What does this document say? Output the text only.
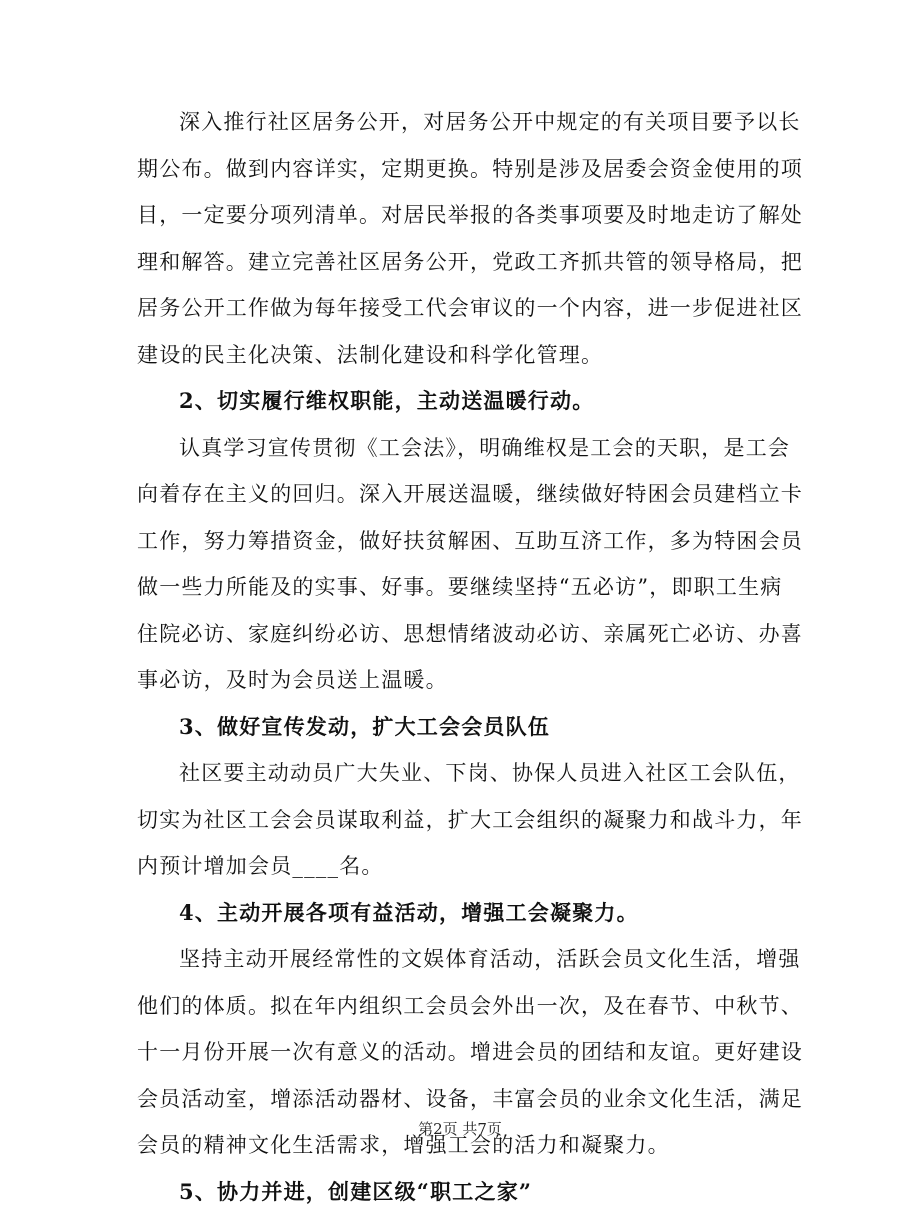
深入推行社区居务公开，对居务公开中规定的有关项目要予以长
期公布。做到内容详实，定期更换。特别是涉及居委会资金使用的项
目，一定要分项列清单。对居民举报的各类事项要及时地走访了解处
理和解答。建立完善社区居务公开，党政工齐抓共管的领导格局，把
居务公开工作做为每年接受工代会审议的一个内容，进一步促进社区
建设的民主化决策、法制化建设和科学化管理。
2、切实履行维权职能，主动送温暖行动。
认真学习宣传贯彻《工会法》，明确维权是工会的天职，是工会
向着存在主义的回归。深入开展送温暖，继续做好特困会员建档立卡
工作，努力筹措资金，做好扶贫解困、互助互济工作，多为特困会员
做一些力所能及的实事、好事。要继续坚持“五必访”，即职工生病
住院必访、家庭纠纷必访、思想情绪波动必访、亲属死亡必访、办喜
事必访，及时为会员送上温暖。
3、做好宣传发动，扩大工会会员队伍
社区要主动动员广大失业、下岗、协保人员进入社区工会队伍，
切实为社区工会会员谋取利益，扩大工会组织的凝聚力和战斗力，年
内预计增加会员____名。
4、主动开展各项有益活动，增强工会凝聚力。
坚持主动开展经常性的文娱体育活动，活跃会员文化生活，增强
他们的体质。拟在年内组织工会员会外出一次，及在春节、中秋节、
十一月份开展一次有意义的活动。增进会员的团结和友谊。更好建设
会员活动室，增添活动器材、设备，丰富会员的业余文化生活，满足
会员的精神文化生活需求，增强工会的活力和凝聚力。
5、协力并进，创建区级“职工之家”
第2页 共7页
